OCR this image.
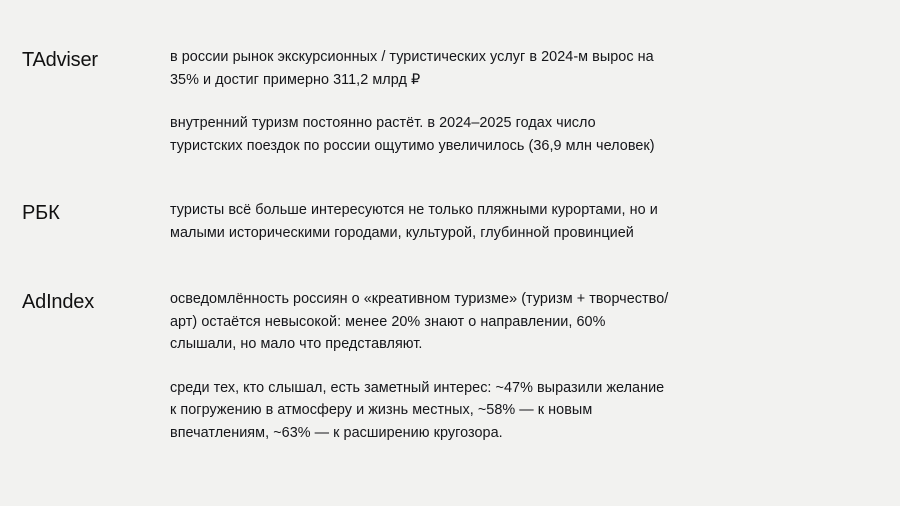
TAdviser	в россии рынок экскурсионных / туристических услуг в 2024-м вырос на 35% и достиг примерно 311,2 млрд ₽
внутренний туризм постоянно растёт. в 2024–2025 годах число туристских поездок по россии ощутимо увеличилось (36,9 млн человек)
РБК	туристы всё больше интересуются не только пляжными курортами, но и малыми историческими городами, культурой, глубинной провинцией
AdIndex	осведомлённость россиян о «креативном туризме» (туризм + творчество/арт) остаётся невысокой: менее 20% знают о направлении, 60% слышали, но мало что представляют.
среди тех, кто слышал, есть заметный интерес: ~47% выразили желание к погружению в атмосферу и жизнь местных, ~58% — к новым впечатлениям, ~63% — к расширению кругозора.
